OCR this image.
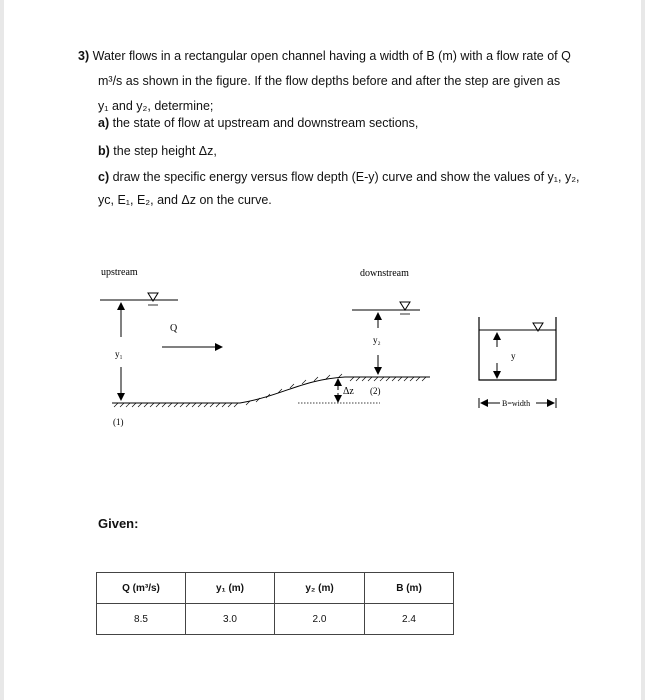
3) Water flows in a rectangular open channel having a width of B (m) with a flow rate of Q

m³/s as shown in the figure. If the flow depths before and after the step are given as

y₁ and y₂, determine;

a) the state of flow at upstream and downstream sections,
b) the step height Δz,
c) draw the specific energy versus flow depth (E-y) curve and show the values of y₁, y₂,
yc, E₁, E₂, and Δz on the curve.
upstream	downstream
y₁
Q
y₂
Δz (2)
(1)
y
B=width
Given:
Q (m³/s)	y₁ (m)	y₂ (m)	B (m)
8.5	3.0	2.0	2.4
